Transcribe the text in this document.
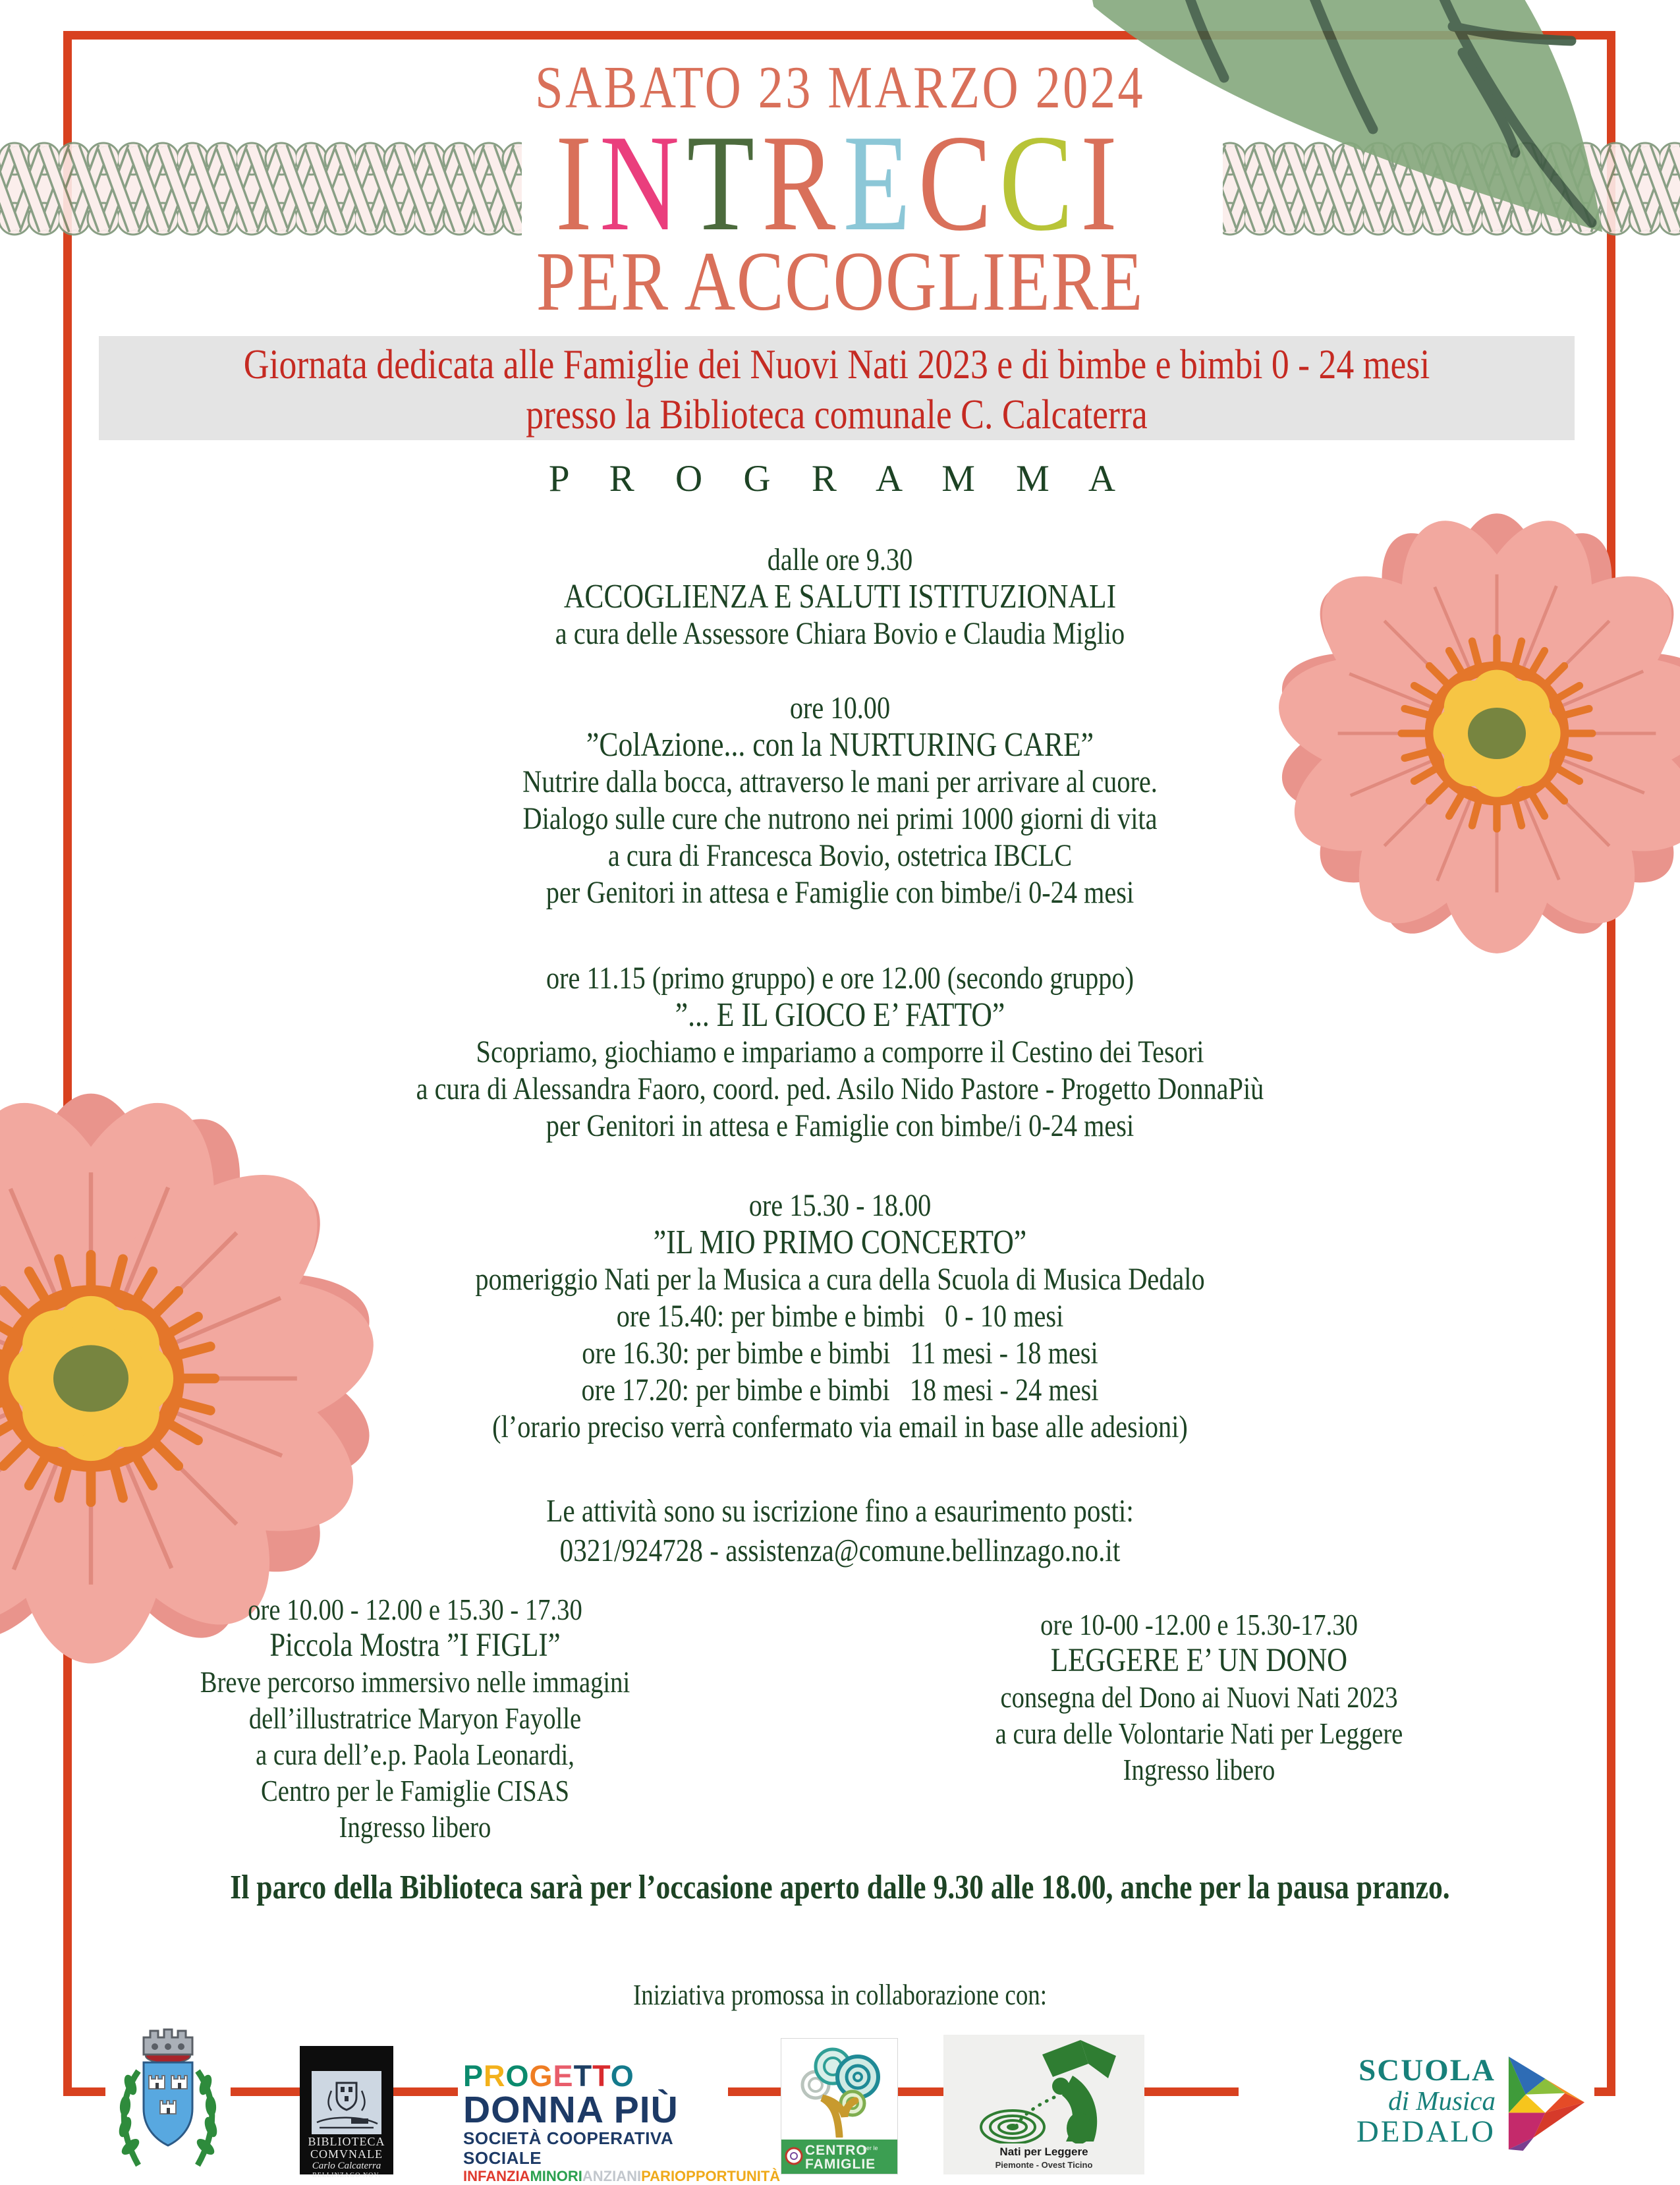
SABATO 23 MARZO 2024
INTRECCI
PER ACCOGLIERE
Giornata dedicata alle Famiglie dei Nuovi Nati 2023 e di bimbe e bimbi 0 - 24 mesi
presso la Biblioteca comunale C. Calcaterra
P R O G R A M M A
dalle ore 9.30
ACCOGLIENZA E SALUTI ISTITUZIONALI
a cura delle Assessore Chiara Bovio e Claudia Miglio
ore 10.00
”ColAzione... con la NURTURING CARE”
Nutrire dalla bocca, attraverso le mani per arrivare al cuore.
Dialogo sulle cure che nutrono nei primi 1000 giorni di vita
a cura di Francesca Bovio, ostetrica IBCLC
per Genitori in attesa e Famiglie con bimbe/i 0-24 mesi
ore 11.15 (primo gruppo) e ore 12.00 (secondo gruppo)
”... E IL GIOCO E’ FATTO”
Scopriamo, giochiamo e impariamo a comporre il Cestino dei Tesori
a cura di Alessandra Faoro, coord. ped. Asilo Nido Pastore - Progetto DonnaPiù
per Genitori in attesa e Famiglie con bimbe/i 0-24 mesi
ore 15.30 - 18.00
”IL MIO PRIMO CONCERTO”
pomeriggio Nati per la Musica a cura della Scuola di Musica Dedalo
ore 15.40: per bimbe e bimbi   0 - 10 mesi
ore 16.30: per bimbe e bimbi   11 mesi - 18 mesi
ore 17.20: per bimbe e bimbi   18 mesi - 24 mesi
(l’orario preciso verrà confermato via email in base alle adesioni)
Le attività sono su iscrizione fino a esaurimento posti:
0321/924728 - assistenza@comune.bellinzago.no.it
ore 10.00 - 12.00 e 15.30 - 17.30
Piccola Mostra ”I FIGLI”
Breve percorso immersivo nelle immagini
dell’illustratrice Maryon Fayolle
a cura dell’e.p. Paola Leonardi,
Centro per le Famiglie CISAS
Ingresso libero
ore 10-00 -12.00 e 15.30-17.30
LEGGERE E’ UN DONO
consegna del Dono ai Nuovi Nati 2023
a cura delle Volontarie Nati per Leggere
Ingresso libero
Il parco della Biblioteca sarà per l’occasione aperto dalle 9.30 alle 18.00, anche per la pausa pranzo.
Iniziativa promossa in collaborazione con:
BIBLIOTECA
COMVNALE
Carlo Calcaterra
BELLINZAGO NOV.
PROGETTO
DONNA PIÙ
SOCIETÀ COOPERATIVA SOCIALE
INFANZIAMINORIANZIANIPARIOPPORTUNITÀ
CENTRO
per le
FAMIGLIE
Nati per Leggere
Piemonte - Ovest Ticino
SCUOLA
di Musica
DEDALO
